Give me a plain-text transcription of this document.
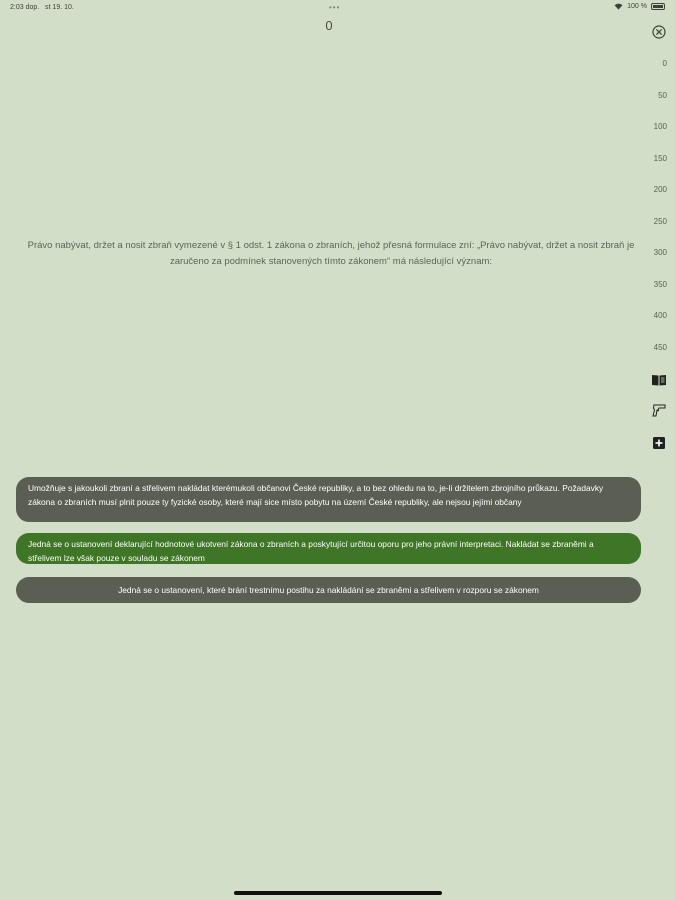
2:03 dop. st 19. 10.	100 %
•••
0
0
50
100
150
200
250
300
350
400
450
Právo nabývat, držet a nosit zbraň vymezené v § 1 odst. 1 zákona o zbraních, jehož přesná formulace zní: „Právo nabývat, držet a nosit zbraň je zaručeno za podmínek stanovených tímto zákonem“ má následující význam:
Umožňuje s jakoukoli zbraní a střelivem nakládat kterémukoli občanovi České republiky, a to bez ohledu na to, je-li držitelem zbrojního průkazu. Požadavky zákona o zbraních musí plnit pouze ty fyzické osoby, které mají sice místo pobytu na území České republiky, ale nejsou jejími občany
Jedná se o ustanovení deklarující hodnotové ukotvení zákona o zbraních a poskytující určitou oporu pro jeho právní interpretaci. Nakládat se zbraněmi a střelivem lze však pouze v souladu se zákonem
Jedná se o ustanovení, které brání trestnímu postihu za nakládání se zbraněmi a střelivem v rozporu se zákonem
